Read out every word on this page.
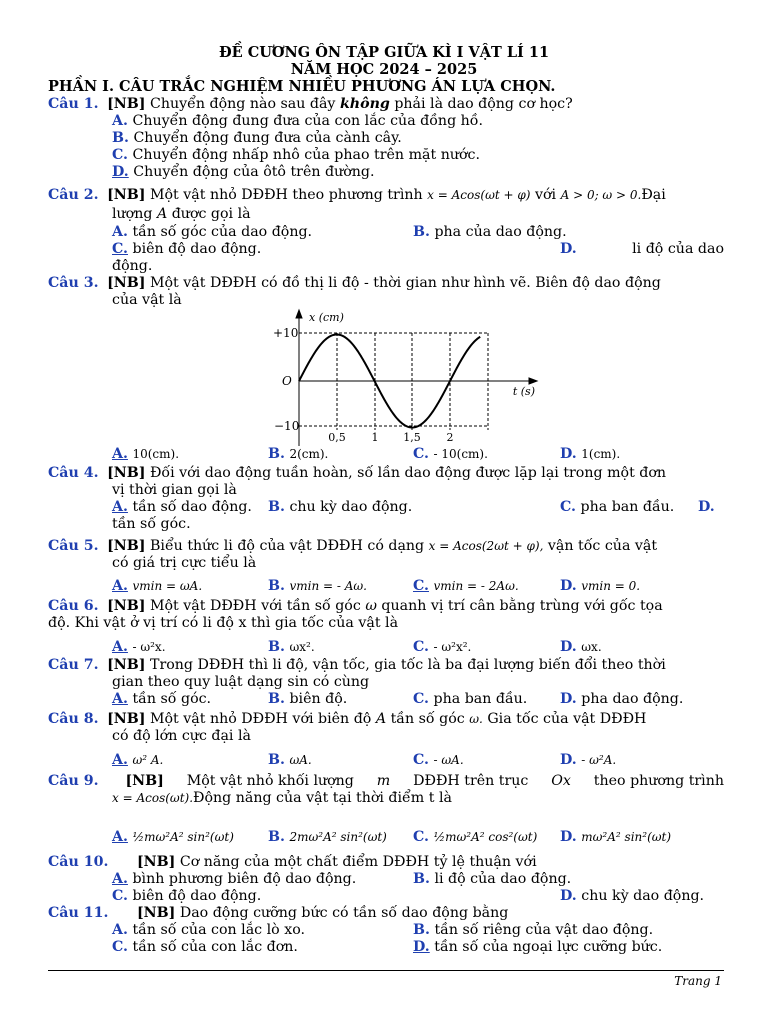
ĐỀ CƯƠNG ÔN TẬP GIỮA KÌ I VẬT LÍ 11
NĂM HỌC 2024 – 2025
PHẦN I. CÂU TRẮC NGHIỆM NHIỀU PHƯƠNG ÁN LỰA CHỌN.
Câu 1. [NB] Chuyển động nào sau đây không phải là dao động cơ học?
A. Chuyển động đung đưa của con lắc của đồng hồ.
B. Chuyển động đung đưa của cành cây.
C. Chuyển động nhấp nhô của phao trên mặt nước.
D. Chuyển động của ôtô trên đường.
Câu 2. [NB] Một vật nhỏ DĐĐH theo phương trình x = Acos(ωt + φ) với A > 0; ω > 0.Đại
lượng A được gọi là
A. tần số góc của dao động.	B. pha của dao động.
C. biên độ dao động.	D.	li độ của dao
động.
Câu 3. [NB] Một vật DĐĐH có đồ thị li độ - thời gian như hình vẽ. Biên độ dao động
của vật là
x (cm)
t (s)
+10
−10
O
0,5 1 1,5 2
A. 10(cm).	B. 2(cm).	C. - 10(cm).	D. 1(cm).
Câu 4. [NB] Đối với dao động tuần hoàn, số lần dao động được lặp lại trong một đơn
vị thời gian gọi là
A. tần số dao động. B. chu kỳ dao động.	C. pha ban đầu. D.
tần số góc.
Câu 5. [NB] Biểu thức li độ của vật DĐĐH có dạng x = Acos(2ωt + φ), vận tốc của vật
có giá trị cực tiểu là
A. vmin = ωA.	B. vmin = - Aω.	C. vmin = - 2Aω.	D. vmin = 0.
Câu 6. [NB] Một vật DĐĐH với tần số góc ω quanh vị trí cân bằng trùng với gốc tọa
độ. Khi vật ở vị trí có li độ x thì gia tốc của vật là
A. - ω²x.	B. ωx².	C. - ω²x².	D. ωx.
Câu 7. [NB] Trong DĐĐH thì li độ, vận tốc, gia tốc là ba đại lượng biến đổi theo thời
gian theo quy luật dạng sin có cùng
A. tần số góc.	B. biên độ.	C. pha ban đầu. D. pha dao động.
Câu 8. [NB] Một vật nhỏ DĐĐH với biên độ A tần số góc ω. Gia tốc của vật DĐĐH
có độ lớn cực đại là
A. ω² A.	B. ωA.	C. - ωA.	D. - ω²A.
Câu 9. [NB] Một vật nhỏ khối lượng m DĐĐH trên trục Ox theo phương trình
x = Acos(ωt).Động năng của vật tại thời điểm t là
A. ½mω²A² sin²(ωt) B. 2mω²A² sin²(ωt) C. ½mω²A² cos²(ωt) D. mω²A² sin²(ωt)
Câu 10. [NB] Cơ năng của một chất điểm DĐĐH tỷ lệ thuận với
A. bình phương biên độ dao động.	B. li độ của dao động.
C. biên độ dao động.	D. chu kỳ dao động.
Câu 11. [NB] Dao động cưỡng bức có tần số dao động bằng
A. tần số của con lắc lò xo.	B. tần số riêng của vật dao động.
C. tần số của con lắc đơn.	D. tần số của ngoại lực cưỡng bức.
Trang 1
